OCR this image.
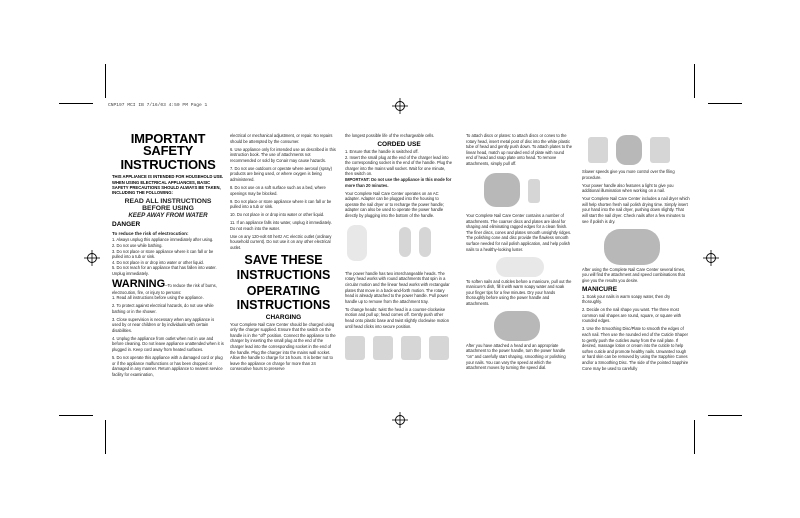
CNP197 MCI IB 7/16/03 4:50 PM Page 1

IMPORTANT SAFETY

INSTRUCTIONS

THIS APPLIANCE IS INTENDED FOR HOUSEHOLD USE. WHEN USING ELECTRICAL APPLIANCES, BASIC SAFETY PRECAUTIONS SHOULD ALWAYS BE TAKEN, INCLUDING THE FOLLOWING:

READ ALL INSTRUCTIONS

BEFORE USING

KEEP AWAY FROM WATER

DANGER

To reduce the risk of electrocution:

1. Always unplug this appliance immediately after using.

2. Do not use while bathing.

3. Do not place or store appliance where it can fall or be pulled into a tub or sink.

4. Do not place in or drop into water or other liquid.

5. Do not reach for an appliance that has fallen into water. Unplug immediately.

WARNING–To reduce the risk of burns, electrocution, fire, or injury to persons:

1. Read all instructions before using the appliance.

2. To protect against electrical hazards, do not use while bathing or in the shower.

3. Close supervision is necessary when any appliance is used by or near children or by individuals with certain disabilities.

4. Unplug the appliance from outlet when not in use and before cleaning. Do not leave appliance unattended when it is plugged in. Keep cord away from heated surfaces.

5. Do not operate this appliance with a damaged cord or plug or if the appliance malfunctions or has been dropped or damaged in any manner. Return appliance to nearest service facility for examination,

electrical or mechanical adjustment, or repair. No repairs should be attempted by the consumer.

6. Use appliance only for intended use as described in this instruction book. The use of attachments not recommended or sold by Conair may cause hazards.

7. Do not use outdoors or operate where aerosol (spray) products are being used, or where oxygen is being administered.

8. Do not use on a soft surface such as a bed, where openings may be blocked.

9. Do not place or store appliance where it can fall or be pulled into a tub or sink.

10. Do not place in or drop into water or other liquid.

11. If an appliance falls into water, unplug it immediately. Do not reach into the water.

Use on any 120-volt 60 hertz AC electric outlet (ordinary household current). Do not use it on any other electrical outlet.

SAVE THESE

INSTRUCTIONS

OPERATING

INSTRUCTIONS

CHARGING

Your Complete Nail Care Center should be charged using only the charger supplied. Ensure that the switch on the handle is in the "off" position. Connect the appliance to the charger by inserting the small plug at the end of the charger lead into the corresponding socket in the end of the handle. Plug the charger into the mains wall socket. Allow the handle to charge for 16 hours. It is better not to leave the appliance on charge for more than 24 consecutive hours to preserve

the longest possible life of the rechargeable cells.

CORDED USE

1. Ensure that the handle is switched off.

2. Insert the small plug at the end of the charger lead into the corresponding socket in the end of the handle. Plug the charger into the mains wall socket. Wait for one minute, then switch on.

IMPORTANT: Do not use the appliance in this mode for more than 20 minutes.

Your Complete Nail Care Center operates on an AC adapter. Adapter can be plugged into the housing to operate the nail dryer or to recharge the power handle; adapter can also be used to operate the power handle directly by plugging into the bottom of the handle.

The power handle has two interchangeable heads. The rotary head works with round attachments that spin in a circular motion and the linear head works with rectangular plates that move in a back-and-forth motion. The rotary head is already attached to the power handle. Pull power handle up to remove from the attachment tray.

To change heads: twist the head in a counter-clockwise motion and pull up; head comes off. Gently push other head onto plastic base and twist slightly clockwise motion until head clicks into secure position.

To attach discs or plates: to attach discs or cones to the rotary head, insert metal post of disc into the white plastic tube of head and gently push down. To attach plates to the linear head, match up rounded end of plate with round end of head and snap plate onto head. To remove attachments, simply pull off.

Your Complete Nail Care Center contains a number of attachments. The coarser discs and plates are ideal for shaping and eliminating ragged edges for a clean finish. The finer discs, cones and plates smooth unsightly ridges. The polishing cone and disc provide the flawless smooth surface needed for nail polish application, and help polish nails to a healthy-looking luster.

To soften nails and cuticles before a manicure, pull out the manicure's dish, fill it with warm soapy water and soak your finger tips for a few minutes. Dry your hands thoroughly before using the power handle and attachments.

After you have attached a head and an appropriate attachment to the power handle, turn the power handle "on" and carefully start shaping, smoothing or polishing your nails. You can vary the speed at which the attachment moves by turning the speed dial.

Slower speeds give you more control over the filing procedure.

Your power handle also features a light to give you additional illumination when working on a nail.

Your Complete Nail Care Center includes a nail dryer which will help shorten fresh nail polish drying time. Simply insert your hand into the nail dryer, pushing down slightly. That will start the nail dryer. Check nails after a few minutes to see if polish is dry.

After using the Complete Nail Care Center several times, you will find the attachment and speed combinations that give you the results you desire.

MANICURE

1. Soak your nails in warm soapy water, then dry thoroughly.

2. Decide on the nail shape you want. The three most common nail shapes are round, square, or square with rounded edges.

3. Use the Smoothing Disc/Plate to smooth the edges of each nail. Then use the rounded end of the Cuticle Shaper to gently push the cuticles away from the nail plate. If desired, massage lotion or cream into the cuticle to help soften cuticle and promote healthy nails. Unwanted rough or hard skin can be removed by using the Sapphire Cones and/or a Smoothing Disc. The side of the pointed Sapphire Cone may be used to carefully
